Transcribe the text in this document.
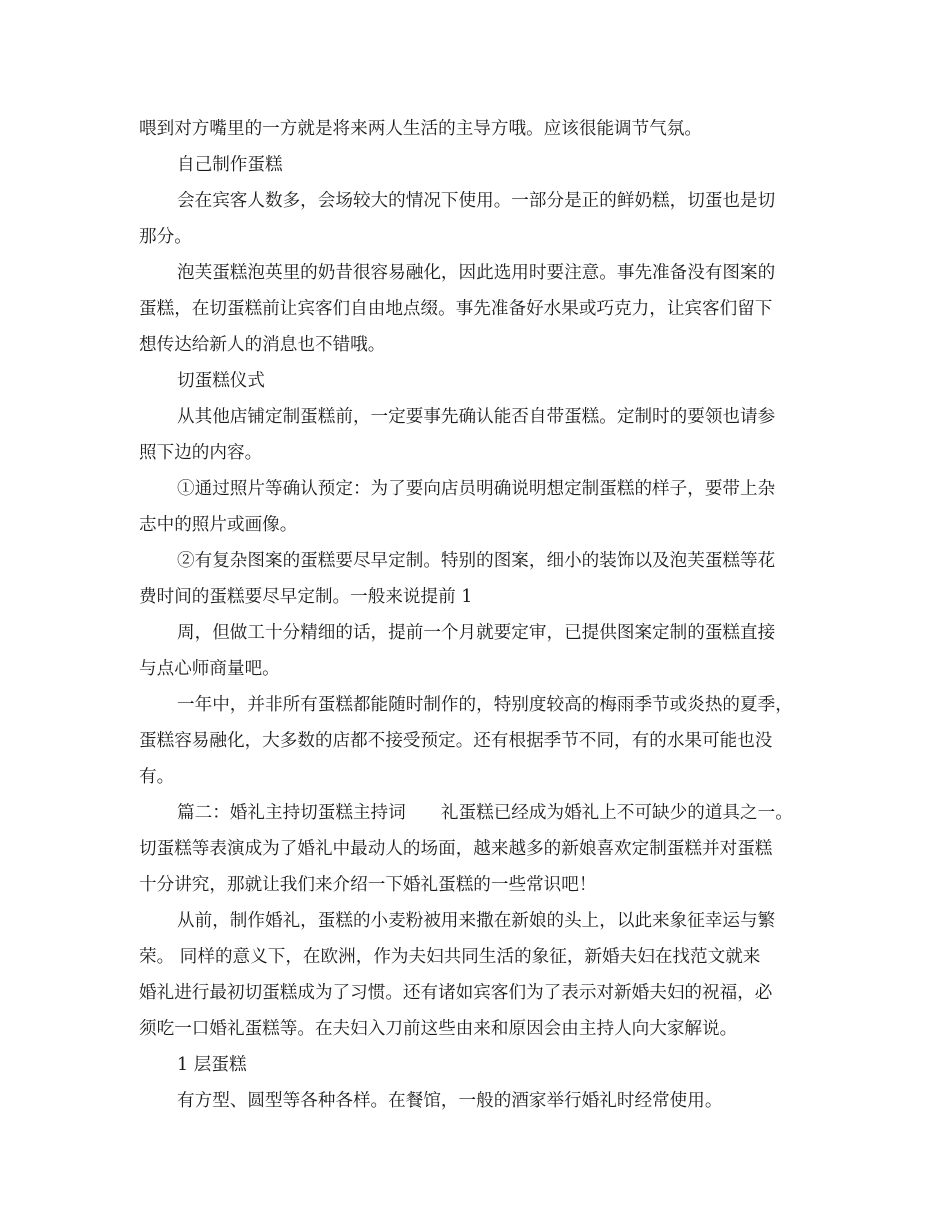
喂到对方嘴里的一方就是将来两人生活的主导方哦。应该很能调节气氛。
自己制作蛋糕
会在宾客人数多，会场较大的情况下使用。一部分是正的鲜奶糕，切蛋也是切
那分。
泡芙蛋糕泡英里的奶昔很容易融化，因此选用时要注意。事先准备没有图案的
蛋糕，在切蛋糕前让宾客们自由地点缀。事先准备好水果或巧克力，让宾客们留下
想传达给新人的消息也不错哦。
切蛋糕仪式
从其他店铺定制蛋糕前，一定要事先确认能否自带蛋糕。定制时的要领也请参
照下边的内容。
①通过照片等确认预定：为了要向店员明确说明想定制蛋糕的样子，要带上杂
志中的照片或画像。
②有复杂图案的蛋糕要尽早定制。特别的图案，细小的装饰以及泡芙蛋糕等花
费时间的蛋糕要尽早定制。一般来说提前 1
周，但做工十分精细的话，提前一个月就要定审，已提供图案定制的蛋糕直接
与点心师商量吧。
一年中，并非所有蛋糕都能随时制作的，特别度较高的梅雨季节或炎热的夏季，
蛋糕容易融化，大多数的店都不接受预定。还有根据季节不同，有的水果可能也没
有。
篇二：婚礼主持切蛋糕主持词　　礼蛋糕已经成为婚礼上不可缺少的道具之一。
切蛋糕等表演成为了婚礼中最动人的场面，越来越多的新娘喜欢定制蛋糕并对蛋糕
十分讲究，那就让我们来介绍一下婚礼蛋糕的一些常识吧！
从前，制作婚礼，蛋糕的小麦粉被用来撒在新娘的头上，以此来象征幸运与繁
荣。 同样的意义下，在欧洲，作为夫妇共同生活的象征，新婚夫妇在找范文就来
婚礼进行最初切蛋糕成为了习惯。还有诸如宾客们为了表示对新婚夫妇的祝福，必
须吃一口婚礼蛋糕等。在夫妇入刀前这些由来和原因会由主持人向大家解说。
1 层蛋糕
有方型、圆型等各种各样。在餐馆，一般的酒家举行婚礼时经常使用。
